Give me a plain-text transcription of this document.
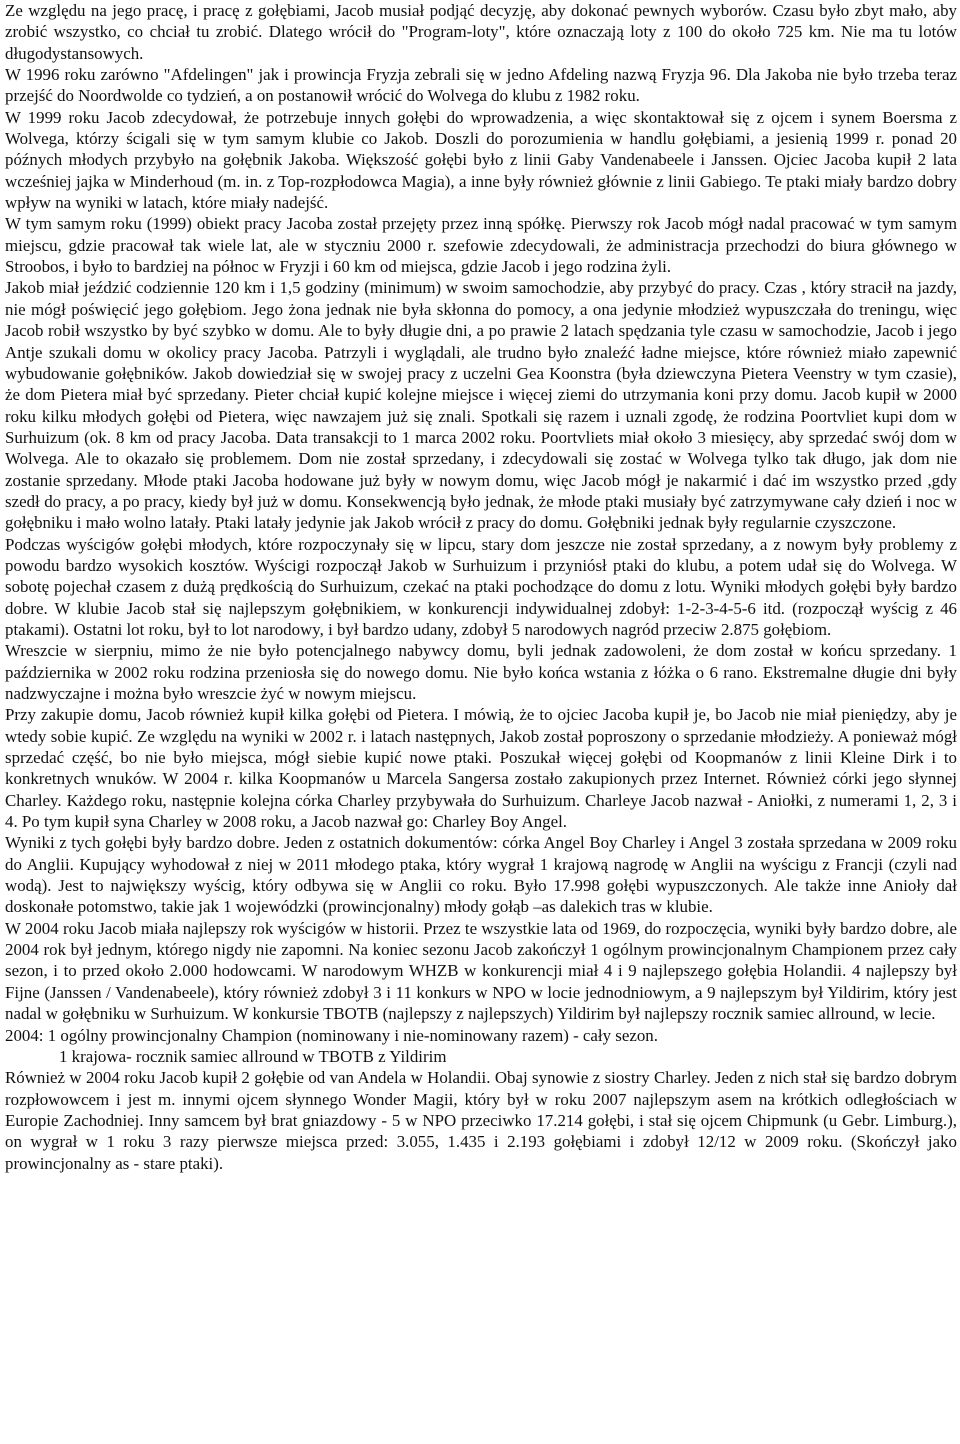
Ze względu na jego pracę, i pracę z gołębiami, Jacob musiał podjąć decyzję, aby dokonać pewnych wyborów. Czasu było zbyt mało, aby zrobić wszystko, co chciał tu zrobić. Dlatego wrócił do "Program-loty", które oznaczają loty z 100 do około 725 km. Nie ma tu lotów długodystansowych.

W 1996 roku zarówno "Afdelingen" jak i prowincja Fryzja zebrali się w jedno Afdeling nazwą Fryzja 96. Dla Jakoba nie było trzeba teraz przejść do Noordwolde co tydzień, a on postanowił wrócić do Wolvega do klubu z 1982 roku.

W 1999 roku Jacob zdecydował, że potrzebuje innych gołębi do wprowadzenia, a więc skontaktował się z ojcem i synem Boersma z Wolvega, którzy ścigali się w tym samym klubie co Jakob. Doszli do porozumienia w handlu gołębiami, a jesienią 1999 r. ponad 20 późnych młodych przybyło na gołębnik Jakoba. Większość gołębi było z linii Gaby Vandenabeele i Janssen. Ojciec Jacoba kupił 2 lata wcześniej jajka w Minderhoud (m. in. z Top-rozpłodowca Magia), a inne były również głównie z linii Gabiego. Te ptaki miały bardzo dobry wpływ na wyniki w latach, które miały nadejść.

W tym samym roku (1999) obiekt pracy Jacoba został przejęty przez inną spółkę. Pierwszy rok Jacob mógł nadal pracować w tym samym miejscu, gdzie pracował tak wiele lat, ale w styczniu 2000 r. szefowie zdecydowali, że administracja przechodzi do biura głównego w Stroobos, i było to bardziej na północ w Fryzji i 60 km od miejsca, gdzie Jacob i jego rodzina żyli.

Jakob miał jeździć codziennie 120 km i 1,5 godziny (minimum) w swoim samochodzie, aby przybyć do pracy. Czas , który stracił na jazdy, nie mógł poświęcić jego gołębiom. Jego żona jednak nie była skłonna do pomocy, a ona jedynie młodzież wypuszczała do treningu, więc Jacob robił wszystko by być szybko w domu. Ale to były długie dni, a po prawie 2 latach spędzania tyle czasu w samochodzie, Jacob i jego Antje szukali domu w okolicy pracy Jacoba. Patrzyli i wyglądali, ale trudno było znaleźć ładne miejsce, które również miało zapewnić wybudowanie gołębników. Jakob dowiedział się w swojej pracy z uczelni Gea Koonstra (była dziewczyna Pietera Veenstry w tym czasie), że dom Pietera miał być sprzedany. Pieter chciał kupić kolejne miejsce i więcej ziemi do utrzymania koni przy domu. Jacob kupił w 2000 roku kilku młodych gołębi od Pietera, więc nawzajem już się znali. Spotkali się razem i uznali zgodę, że rodzina Poortvliet kupi dom w Surhuizum (ok. 8 km od pracy Jacoba. Data transakcji to 1 marca 2002 roku. Poortvliets miał około 3 miesięcy, aby sprzedać swój dom w Wolvega. Ale to okazało się problemem. Dom nie został sprzedany, i zdecydowali się zostać w Wolvega tylko tak długo, jak dom nie zostanie sprzedany. Młode ptaki Jacoba hodowane już były w nowym domu, więc Jacob mógł je nakarmić i dać im wszystko przed ,gdy szedł do pracy, a po pracy, kiedy był już w domu. Konsekwencją było jednak, że młode ptaki musiały być zatrzymywane cały dzień i noc w gołębniku i mało wolno latały. Ptaki latały jedynie jak Jakob wrócił z pracy do domu. Gołębniki jednak były regularnie czyszczone.

Podczas wyścigów gołębi młodych, które rozpoczynały się w lipcu, stary dom jeszcze nie został sprzedany, a z nowym były problemy z powodu bardzo wysokich kosztów. Wyścigi rozpoczął Jakob w Surhuizum i przyniósł ptaki do klubu, a potem udał się do Wolvega. W sobotę pojechał czasem z dużą prędkością do Surhuizum, czekać na ptaki pochodzące do domu z lotu. Wyniki młodych gołębi były bardzo dobre. W klubie Jacob stał się najlepszym gołębnikiem, w konkurencji indywidualnej zdobył: 1-2-3-4-5-6 itd. (rozpoczął wyścig z 46 ptakami). Ostatni lot roku, był to lot narodowy, i był bardzo udany, zdobył 5 narodowych nagród przeciw 2.875 gołębiom.

Wreszcie w sierpniu, mimo że nie było potencjalnego nabywcy domu, byli jednak zadowoleni, że dom został w końcu sprzedany. 1 października w 2002 roku rodzina przeniosła się do nowego domu. Nie było końca wstania z łóżka o 6 rano. Ekstremalne długie dni były nadzwyczajne i można było wreszcie żyć w nowym miejscu.

Przy zakupie domu, Jacob również kupił kilka gołębi od Pietera. I mówią, że to ojciec Jacoba kupił je, bo Jacob nie miał pieniędzy, aby je wtedy sobie kupić. Ze względu na wyniki w 2002 r. i latach następnych, Jakob został poproszony o sprzedanie młodzieży. A ponieważ mógł sprzedać część, bo nie było miejsca, mógł siebie kupić nowe ptaki. Poszukał więcej gołębi od Koopmanów z linii Kleine Dirk i to konkretnych wnuków. W 2004 r. kilka Koopmanów u Marcela Sangersa zostało zakupionych przez Internet. Również córki jego słynnej Charley. Każdego roku, następnie kolejna córka Charley przybywała do Surhuizum. Charleye Jacob nazwał - Aniołki, z numerami 1, 2, 3 i 4. Po tym kupił syna Charley w 2008 roku, a Jacob nazwał go: Charley Boy Angel.

Wyniki z tych gołębi były bardzo dobre. Jeden z ostatnich dokumentów: córka Angel Boy Charley i Angel 3 została sprzedana w 2009 roku do Anglii. Kupujący wyhodował z niej w 2011 młodego ptaka, który wygrał 1 krajową nagrodę w Anglii na wyścigu z Francji (czyli nad wodą). Jest to największy wyścig, który odbywa się w Anglii co roku. Było 17.998 gołębi wypuszczonych. Ale także inne Anioły dał doskonałe potomstwo, takie jak 1 wojewódzki (prowincjonalny) młody gołąb –as dalekich tras w klubie.

W 2004 roku Jacob miała najlepszy rok wyścigów w historii. Przez te wszystkie lata od 1969, do rozpoczęcia, wyniki były bardzo dobre, ale 2004 rok był jednym, którego nigdy nie zapomni. Na koniec sezonu Jacob zakończył 1 ogólnym prowincjonalnym Championem przez cały sezon, i to przed około 2.000 hodowcami. W narodowym WHZB w konkurencji miał 4 i 9 najlepszego gołębia Holandii. 4 najlepszy był Fijne (Janssen / Vandenabeele), który również zdobył 3 i 11 konkurs w NPO w locie jednodniowym, a 9 najlepszym był Yildirim, który jest nadal w gołębniku w Surhuizum. W konkursie TBOTB (najlepszy z najlepszych) Yildirim był najlepszy rocznik samiec allround, w lecie.

2004: 1 ogólny prowincjonalny Champion (nominowany i nie-nominowany razem) - cały sezon.

1 krajowa- rocznik samiec allround w TBOTB z Yildirim

Również w 2004 roku Jacob kupił 2 gołębie od van Andela w Holandii. Obaj synowie z siostry Charley. Jeden z nich stał się bardzo dobrym rozpłowowcem i jest m. innymi ojcem słynnego Wonder Magii, który był w roku 2007 najlepszym asem na krótkich odległościach w Europie Zachodniej. Inny samcem był brat gniazdowy - 5 w NPO przeciwko 17.214 gołębi, i stał się ojcem Chipmunk (u Gebr. Limburg.), on wygrał w 1 roku 3 razy pierwsze miejsca przed: 3.055, 1.435 i 2.193 gołębiami i zdobył 12/12 w 2009 roku. (Skończył jako prowincjonalny as - stare ptaki).
